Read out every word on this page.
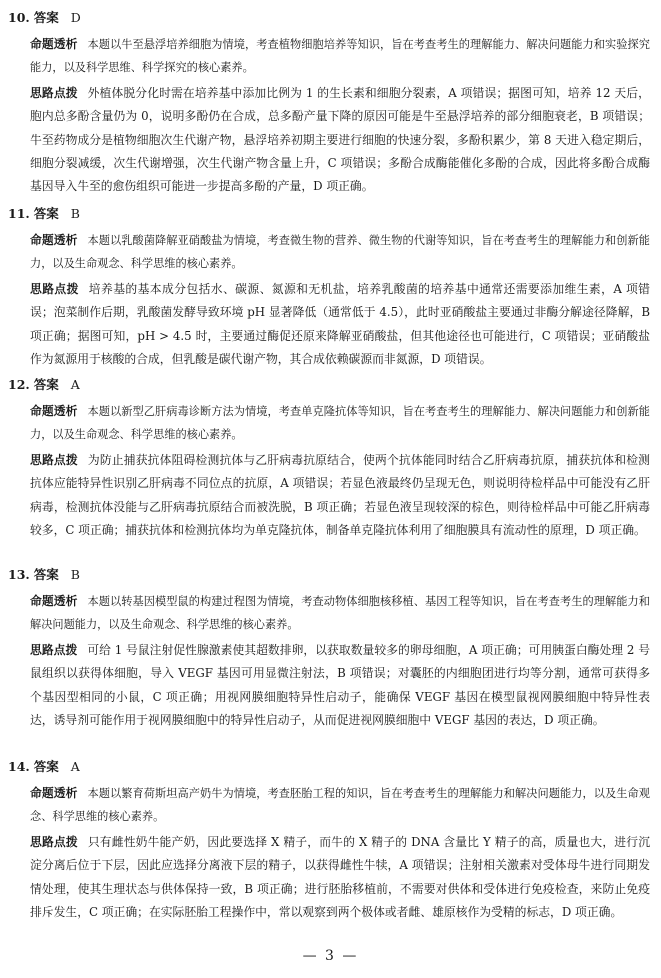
10. 答案 D
命题透析 本题以牛至悬浮培养细胞为情境，考查植物细胞培养等知识，旨在考查考生的理解能力、解决问题能力和实验探究能力，以及科学思维、科学探究的核心素养。
思路点拨 外植体脱分化时需在培养基中添加比例为 1 的生长素和细胞分裂素，A 项错误；据图可知，培养 12 天后，胞内总多酚含量仍为 0，说明多酚仍在合成，总多酚产量下降的原因可能是牛至悬浮培养的部分细胞衰老，B 项错误；牛至药物成分是植物细胞次生代谢产物，悬浮培养初期主要进行细胞的快速分裂，多酚积累少，第 8 天进入稳定期后，细胞分裂减缓，次生代谢增强，次生代谢产物含量上升，C 项错误；多酚合成酶能催化多酚的合成，因此将多酚合成酶基因导入牛至的愈伤组织可能进一步提高多酚的产量，D 项正确。
11. 答案 B
命题透析 本题以乳酸菌降解亚硝酸盐为情境，考查微生物的营养、微生物的代谢等知识，旨在考查考生的理解能力和创新能力，以及生命观念、科学思维的核心素养。
思路点拨 培养基的基本成分包括水、碳源、氮源和无机盐，培养乳酸菌的培养基中通常还需要添加维生素，A 项错误；泡菜制作后期，乳酸菌发酵导致环境 pH 显著降低（通常低于 4.5），此时亚硝酸盐主要通过非酶分解途径降解，B 项正确；据图可知，pH > 4.5 时，主要通过酶促还原来降解亚硝酸盐，但其他途径也可能进行，C 项错误；亚硝酸盐作为氮源用于核酸的合成，但乳酸是碳代谢产物，其合成依赖碳源而非氮源，D 项错误。
12. 答案 A
命题透析 本题以新型乙肝病毒诊断方法为情境，考查单克隆抗体等知识，旨在考查考生的理解能力、解决问题能力和创新能力，以及生命观念、科学思维的核心素养。
思路点拨 为防止捕获抗体阻碍检测抗体与乙肝病毒抗原结合，使两个抗体能同时结合乙肝病毒抗原，捕获抗体和检测抗体应能特异性识别乙肝病毒不同位点的抗原，A 项错误；若显色液最终仍呈现无色，则说明待检样品中可能没有乙肝病毒，检测抗体没能与乙肝病毒抗原结合而被洗脱，B 项正确；若显色液呈现较深的棕色，则待检样品中可能乙肝病毒较多，C 项正确；捕获抗体和检测抗体均为单克隆抗体，制备单克隆抗体利用了细胞膜具有流动性的原理，D 项正确。
13. 答案 B
命题透析 本题以转基因模型鼠的构建过程图为情境，考查动物体细胞核移植、基因工程等知识，旨在考查考生的理解能力和解决问题能力，以及生命观念、科学思维的核心素养。
思路点拨 可给 1 号鼠注射促性腺激素使其超数排卵，以获取数量较多的卵母细胞，A 项正确；可用胰蛋白酶处理 2 号鼠组织以获得体细胞，导入 VEGF 基因可用显微注射法，B 项错误；对囊胚的内细胞团进行均等分割，通常可获得多个基因型相同的小鼠，C 项正确；用视网膜细胞特异性启动子，能确保 VEGF 基因在模型鼠视网膜细胞中特异性表达，诱导剂可能作用于视网膜细胞中的特异性启动子，从而促进视网膜细胞中 VEGF 基因的表达，D 项正确。
14. 答案 A
命题透析 本题以繁育荷斯坦高产奶牛为情境，考查胚胎工程的知识，旨在考查考生的理解能力和解决问题能力，以及生命观念、科学思维的核心素养。
思路点拨 只有雌性奶牛能产奶，因此要选择 X 精子，而牛的 X 精子的 DNA 含量比 Y 精子的高，质量也大，进行沉淀分离后位于下层，因此应选择分离液下层的精子，以获得雌性牛犊，A 项错误；注射相关激素对受体母牛进行同期发情处理，使其生理状态与供体保持一致，B 项正确；进行胚胎移植前，不需要对供体和受体进行免疫检查，来防止免疫排斥发生，C 项正确；在实际胚胎工程操作中，常以观察到两个极体或者雌、雄原核作为受精的标志，D 项正确。
— 3 —
